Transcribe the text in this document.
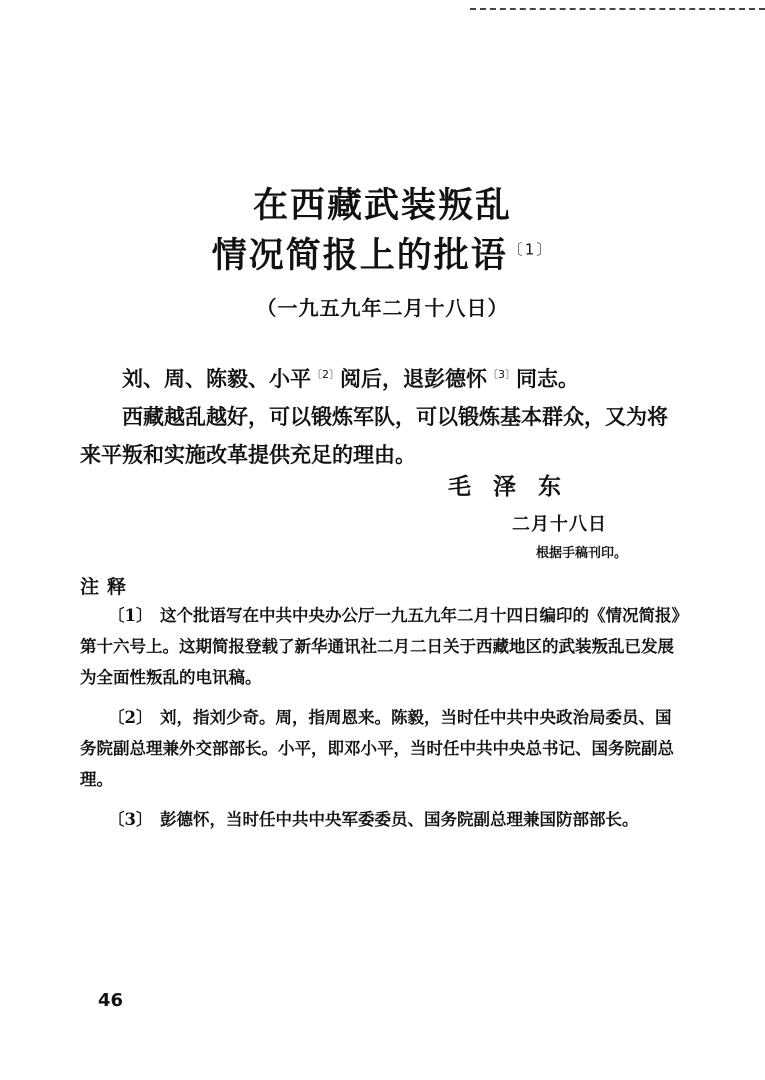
在西藏武装叛乱
情况简报上的批语$^{〔1〕}$
（一九五九年二月十八日）
刘、周、陈毅、小平$^{〔2〕}$阅后，退彭德怀$^{〔3〕}$同志。
西藏越乱越好，可以锻炼军队，可以锻炼基本群众，又为将来平叛和实施改革提供充足的理由。
毛泽东
二月十八日
根据手稿刊印。
注释
〔1〕 这个批语写在中共中央办公厅一九五九年二月十四日编印的《情况简报》第十六号上。这期简报登载了新华通讯社二月二日关于西藏地区的武装叛乱已发展为全面性叛乱的电讯稿。
〔2〕 刘，指刘少奇。周，指周恩来。陈毅，当时任中共中央政治局委员、国务院副总理兼外交部部长。小平，即邓小平，当时任中共中央总书记、国务院副总理。
〔3〕 彭德怀，当时任中共中央军委委员、国务院副总理兼国防部部长。
46
